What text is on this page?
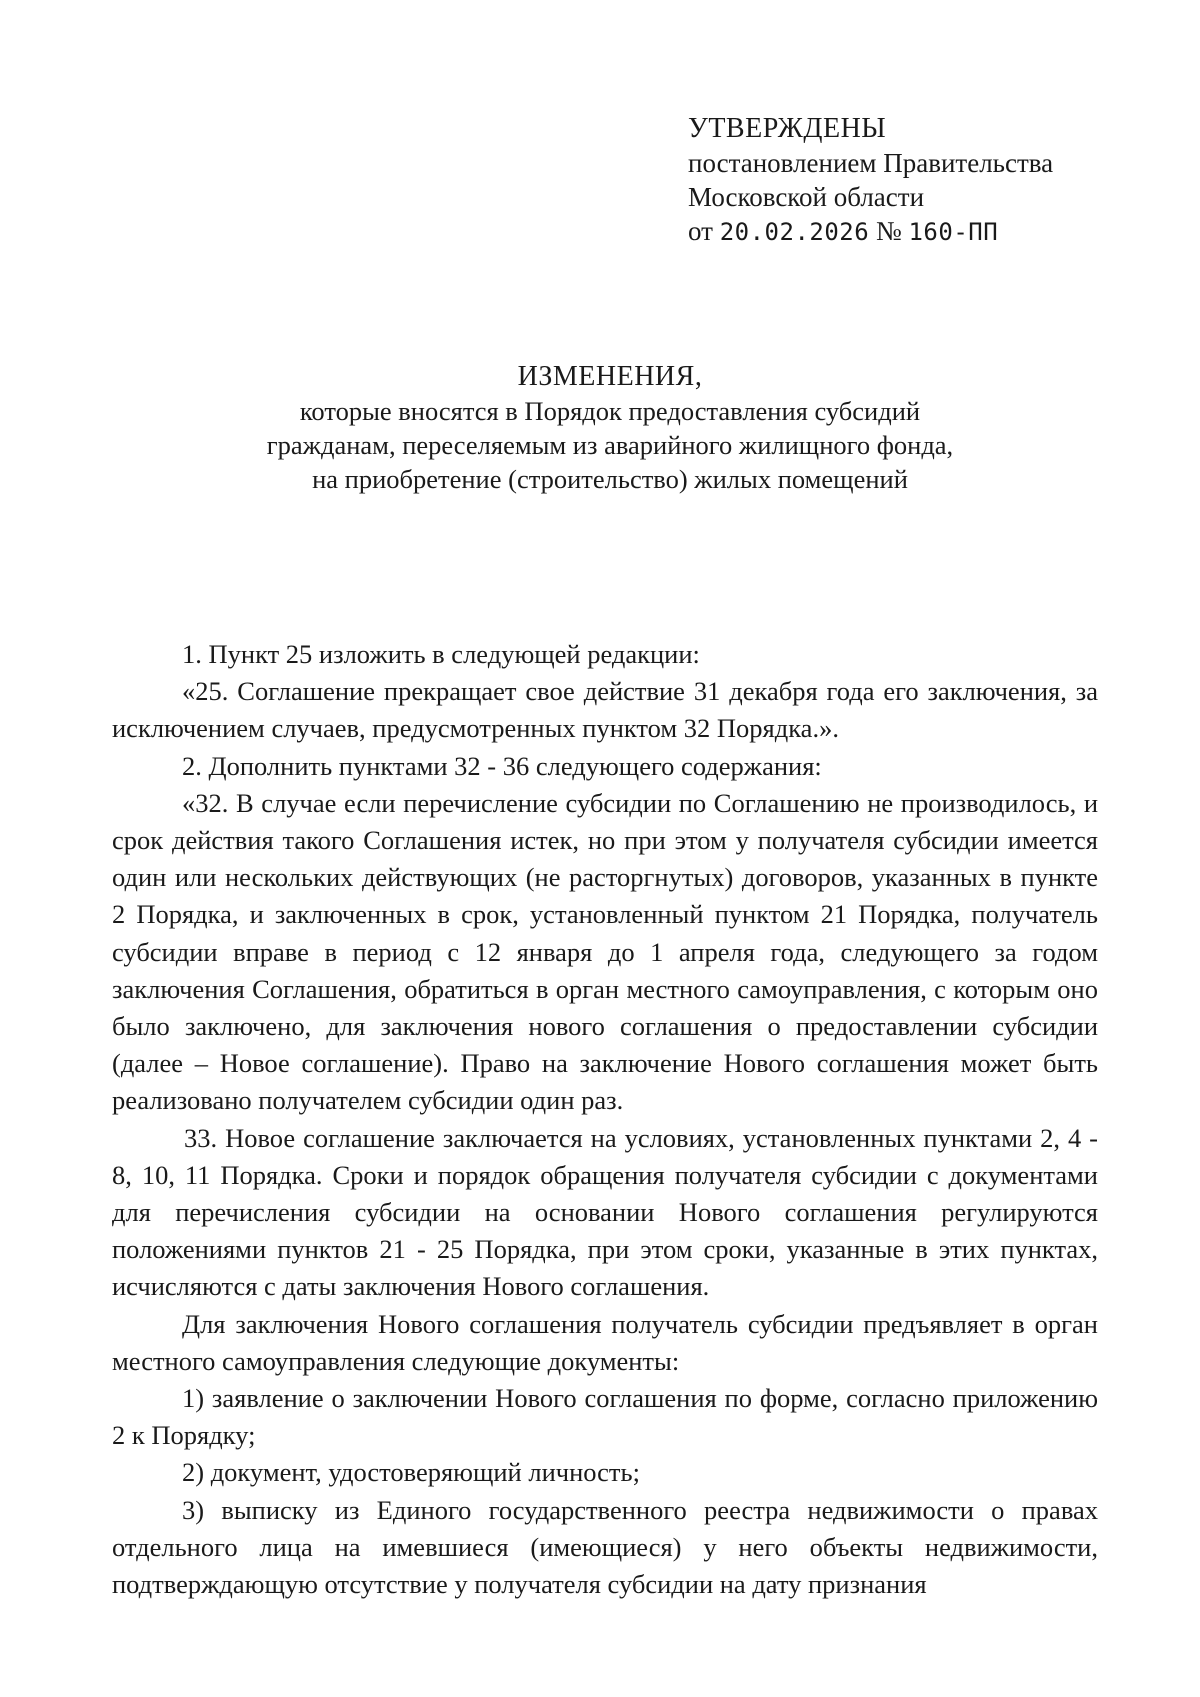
УТВЕРЖДЕНЫ
постановлением Правительства
Московской области
от 20.02.2026 № 160-ПП
ИЗМЕНЕНИЯ,
которые вносятся в Порядок предоставления субсидий
гражданам, переселяемым из аварийного жилищного фонда,
на приобретение (строительство) жилых помещений

1. Пункт 25 изложить в следующей редакции:

«25. Соглашение прекращает свое действие 31 декабря года его заключения, за исключением случаев, предусмотренных пунктом 32 Порядка.».

2. Дополнить пунктами 32 - 36 следующего содержания:

«32. В случае если перечисление субсидии по Соглашению не производилось, и срок действия такого Соглашения истек, но при этом у получателя субсидии имеется один или нескольких действующих (не расторгнутых) договоров, указанных в пункте 2 Порядка, и заключенных в срок, установленный пунктом 21 Порядка, получатель субсидии вправе в период с 12 января до 1 апреля года, следующего за годом заключения Соглашения, обратиться в орган местного самоуправления, с которым оно было заключено, для заключения нового соглашения о предоставлении субсидии (далее – Новое соглашение). Право на заключение Нового соглашения может быть реализовано получателем субсидии один раз.

33. Новое соглашение заключается на условиях, установленных пунктами 2, 4 - 8, 10, 11 Порядка. Сроки и порядок обращения получателя субсидии с документами для перечисления субсидии на основании Нового соглашения регулируются положениями пунктов 21 - 25 Порядка, при этом сроки, указанные в этих пунктах, исчисляются с даты заключения Нового соглашения.

Для заключения Нового соглашения получатель субсидии предъявляет в орган местного самоуправления следующие документы:

1) заявление о заключении Нового соглашения по форме, согласно приложению 2 к Порядку;

2) документ, удостоверяющий личность;

3) выписку из Единого государственного реестра недвижимости о правах отдельного лица на имевшиеся (имеющиеся) у него объекты недвижимости, подтверждающую отсутствие у получателя субсидии на дату признания
